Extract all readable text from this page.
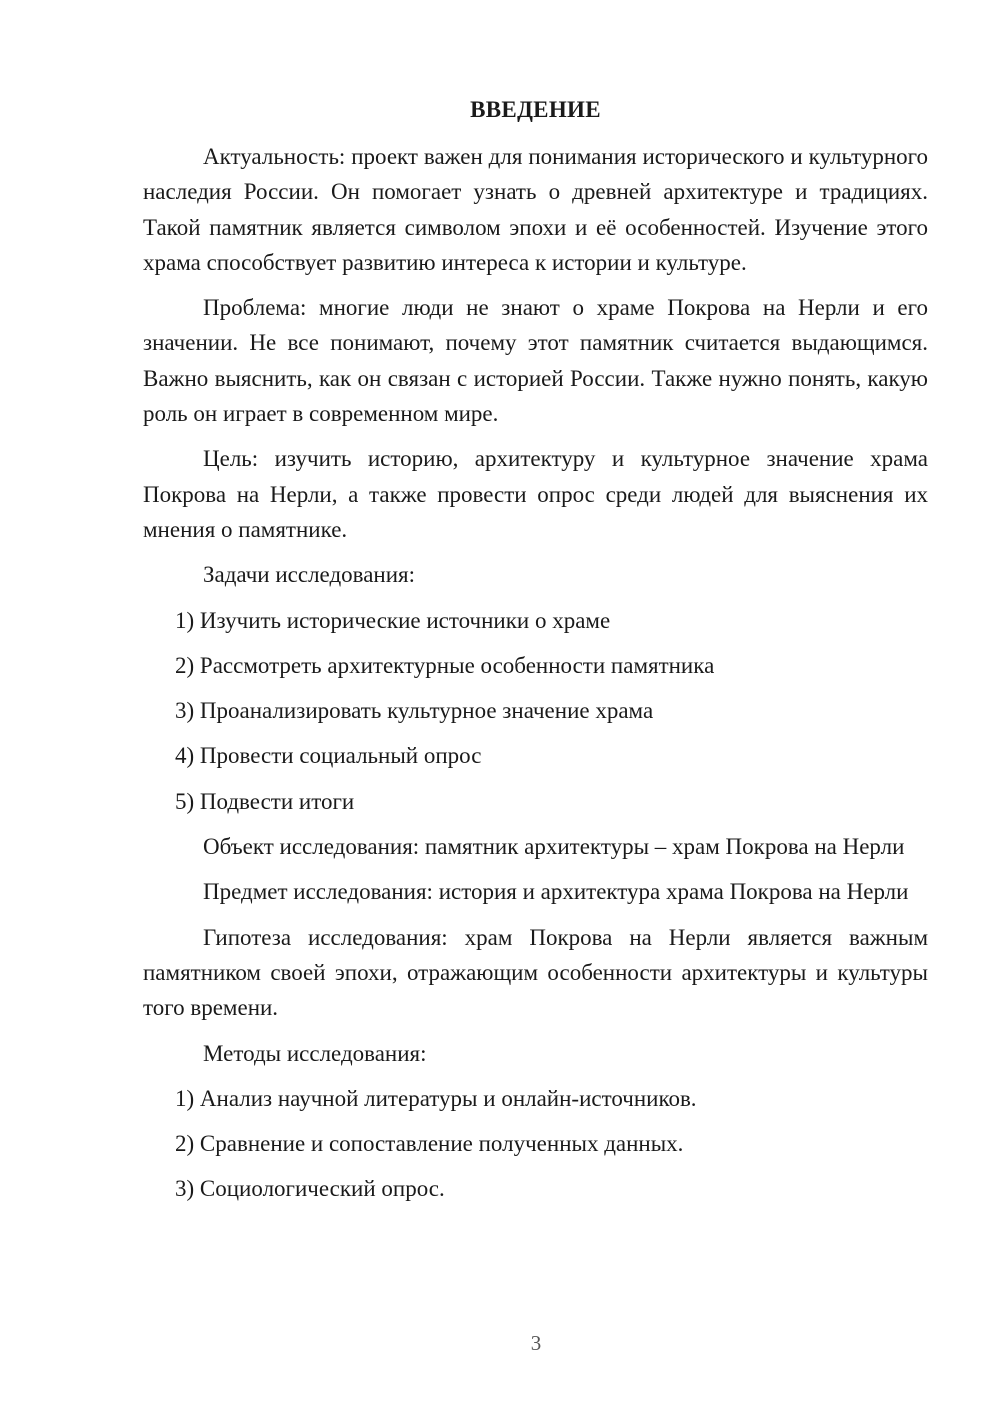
ВВЕДЕНИЕ

Актуальность: проект важен для понимания исторического и культурного наследия России. Он помогает узнать о древней архитектуре и традициях. Такой памятник является символом эпохи и её особенностей. Изучение этого храма способствует развитию интереса к истории и культуре.

Проблема: многие люди не знают о храме Покрова на Нерли и его значении. Не все понимают, почему этот памятник считается выдающимся. Важно выяснить, как он связан с историей России. Также нужно понять, какую роль он играет в современном мире.

Цель: изучить историю, архитектуру и культурное значение храма Покрова на Нерли, а также провести опрос среди людей для выяснения их мнения о памятнике.

Задачи исследования:

1) Изучить исторические источники о храме

2) Рассмотреть архитектурные особенности памятника

3) Проанализировать культурное значение храма

4) Провести социальный опрос

5) Подвести итоги

Объект исследования: памятник архитектуры – храм Покрова на Нерли

Предмет исследования: история и архитектура храма Покрова на Нерли

Гипотеза исследования: храм Покрова на Нерли является важным памятником своей эпохи, отражающим особенности архитектуры и культуры того времени.

Методы исследования:

1) Анализ научной литературы и онлайн-источников.

2) Сравнение и сопоставление полученных данных.

3) Социологический опрос.

3
